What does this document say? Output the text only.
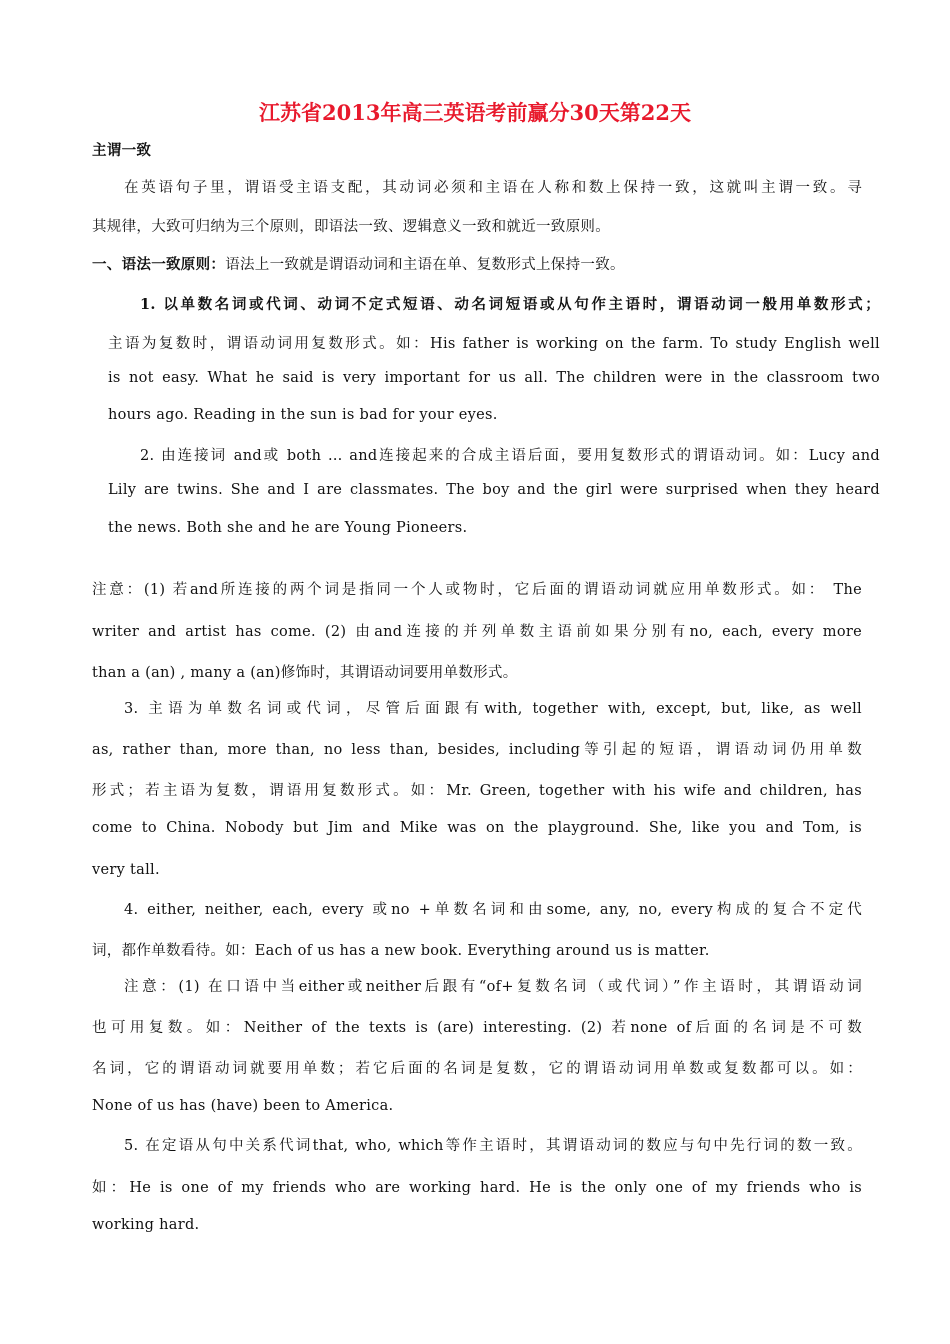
江苏省2013年高三英语考前赢分30天第22天
主谓一致
在英语句子里，谓语受主语支配，其动词必须和主语在人称和数上保持一致，这就叫主谓一致。寻
其规律，大致可归纳为三个原则，即语法一致、逻辑意义一致和就近一致原则。
一、语法一致原则：语法上一致就是谓语动词和主语在单、复数形式上保持一致。
1. 以单数名词或代词、动词不定式短语、动名词短语或从句作主语时，谓语动词一般用单数形式；
主语为复数时，谓语动词用复数形式。如：His father is working on the farm. To study English well
is not easy. What he said is very important for us all. The children were in the classroom two
hours ago. Reading in the sun is bad for your eyes.
2. 由连接词 and或 both … and连接起来的合成主语后面，要用复数形式的谓语动词。如：Lucy and
Lily are twins. She and I are classmates. The boy and the girl were surprised when they heard
the news. Both she and he are Young Pioneers.
注意：(1) 若and所连接的两个词是指同一个人或物时，它后面的谓语动词就应用单数形式。如： The
writer and artist has come. (2) 由and连接的并列单数主语前如果分别有no, each, every more
than a (an) , many a (an)修饰时，其谓语动词要用单数形式。
3. 主语为单数名词或代词，尽管后面跟有with, together with, except, but, like, as well
as, rather than, more than, no less than, besides, including等引起的短语，谓语动词仍用单数
形式；若主语为复数，谓语用复数形式。如：Mr. Green, together with his wife and children, has
come to China. Nobody but Jim and Mike was on the playground. She, like you and Tom, is
very tall.
4. either, neither, each, every 或no +单数名词和由some, any, no, every构成的复合不定代
词，都作单数看待。如：Each of us has a new book. Everything around us is matter.
注意：(1) 在口语中当either或neither后跟有“of+复数名词（或代词）”作主语时，其谓语动词
也可用复数。如：Neither of the texts is (are) interesting. (2) 若none of后面的名词是不可数
名词，它的谓语动词就要用单数；若它后面的名词是复数，它的谓语动词用单数或复数都可以。如：
None of us has (have) been to America.
5. 在定语从句中关系代词that, who, which等作主语时，其谓语动词的数应与句中先行词的数一致。
如：He is one of my friends who are working hard. He is the only one of my friends who is
working hard.
